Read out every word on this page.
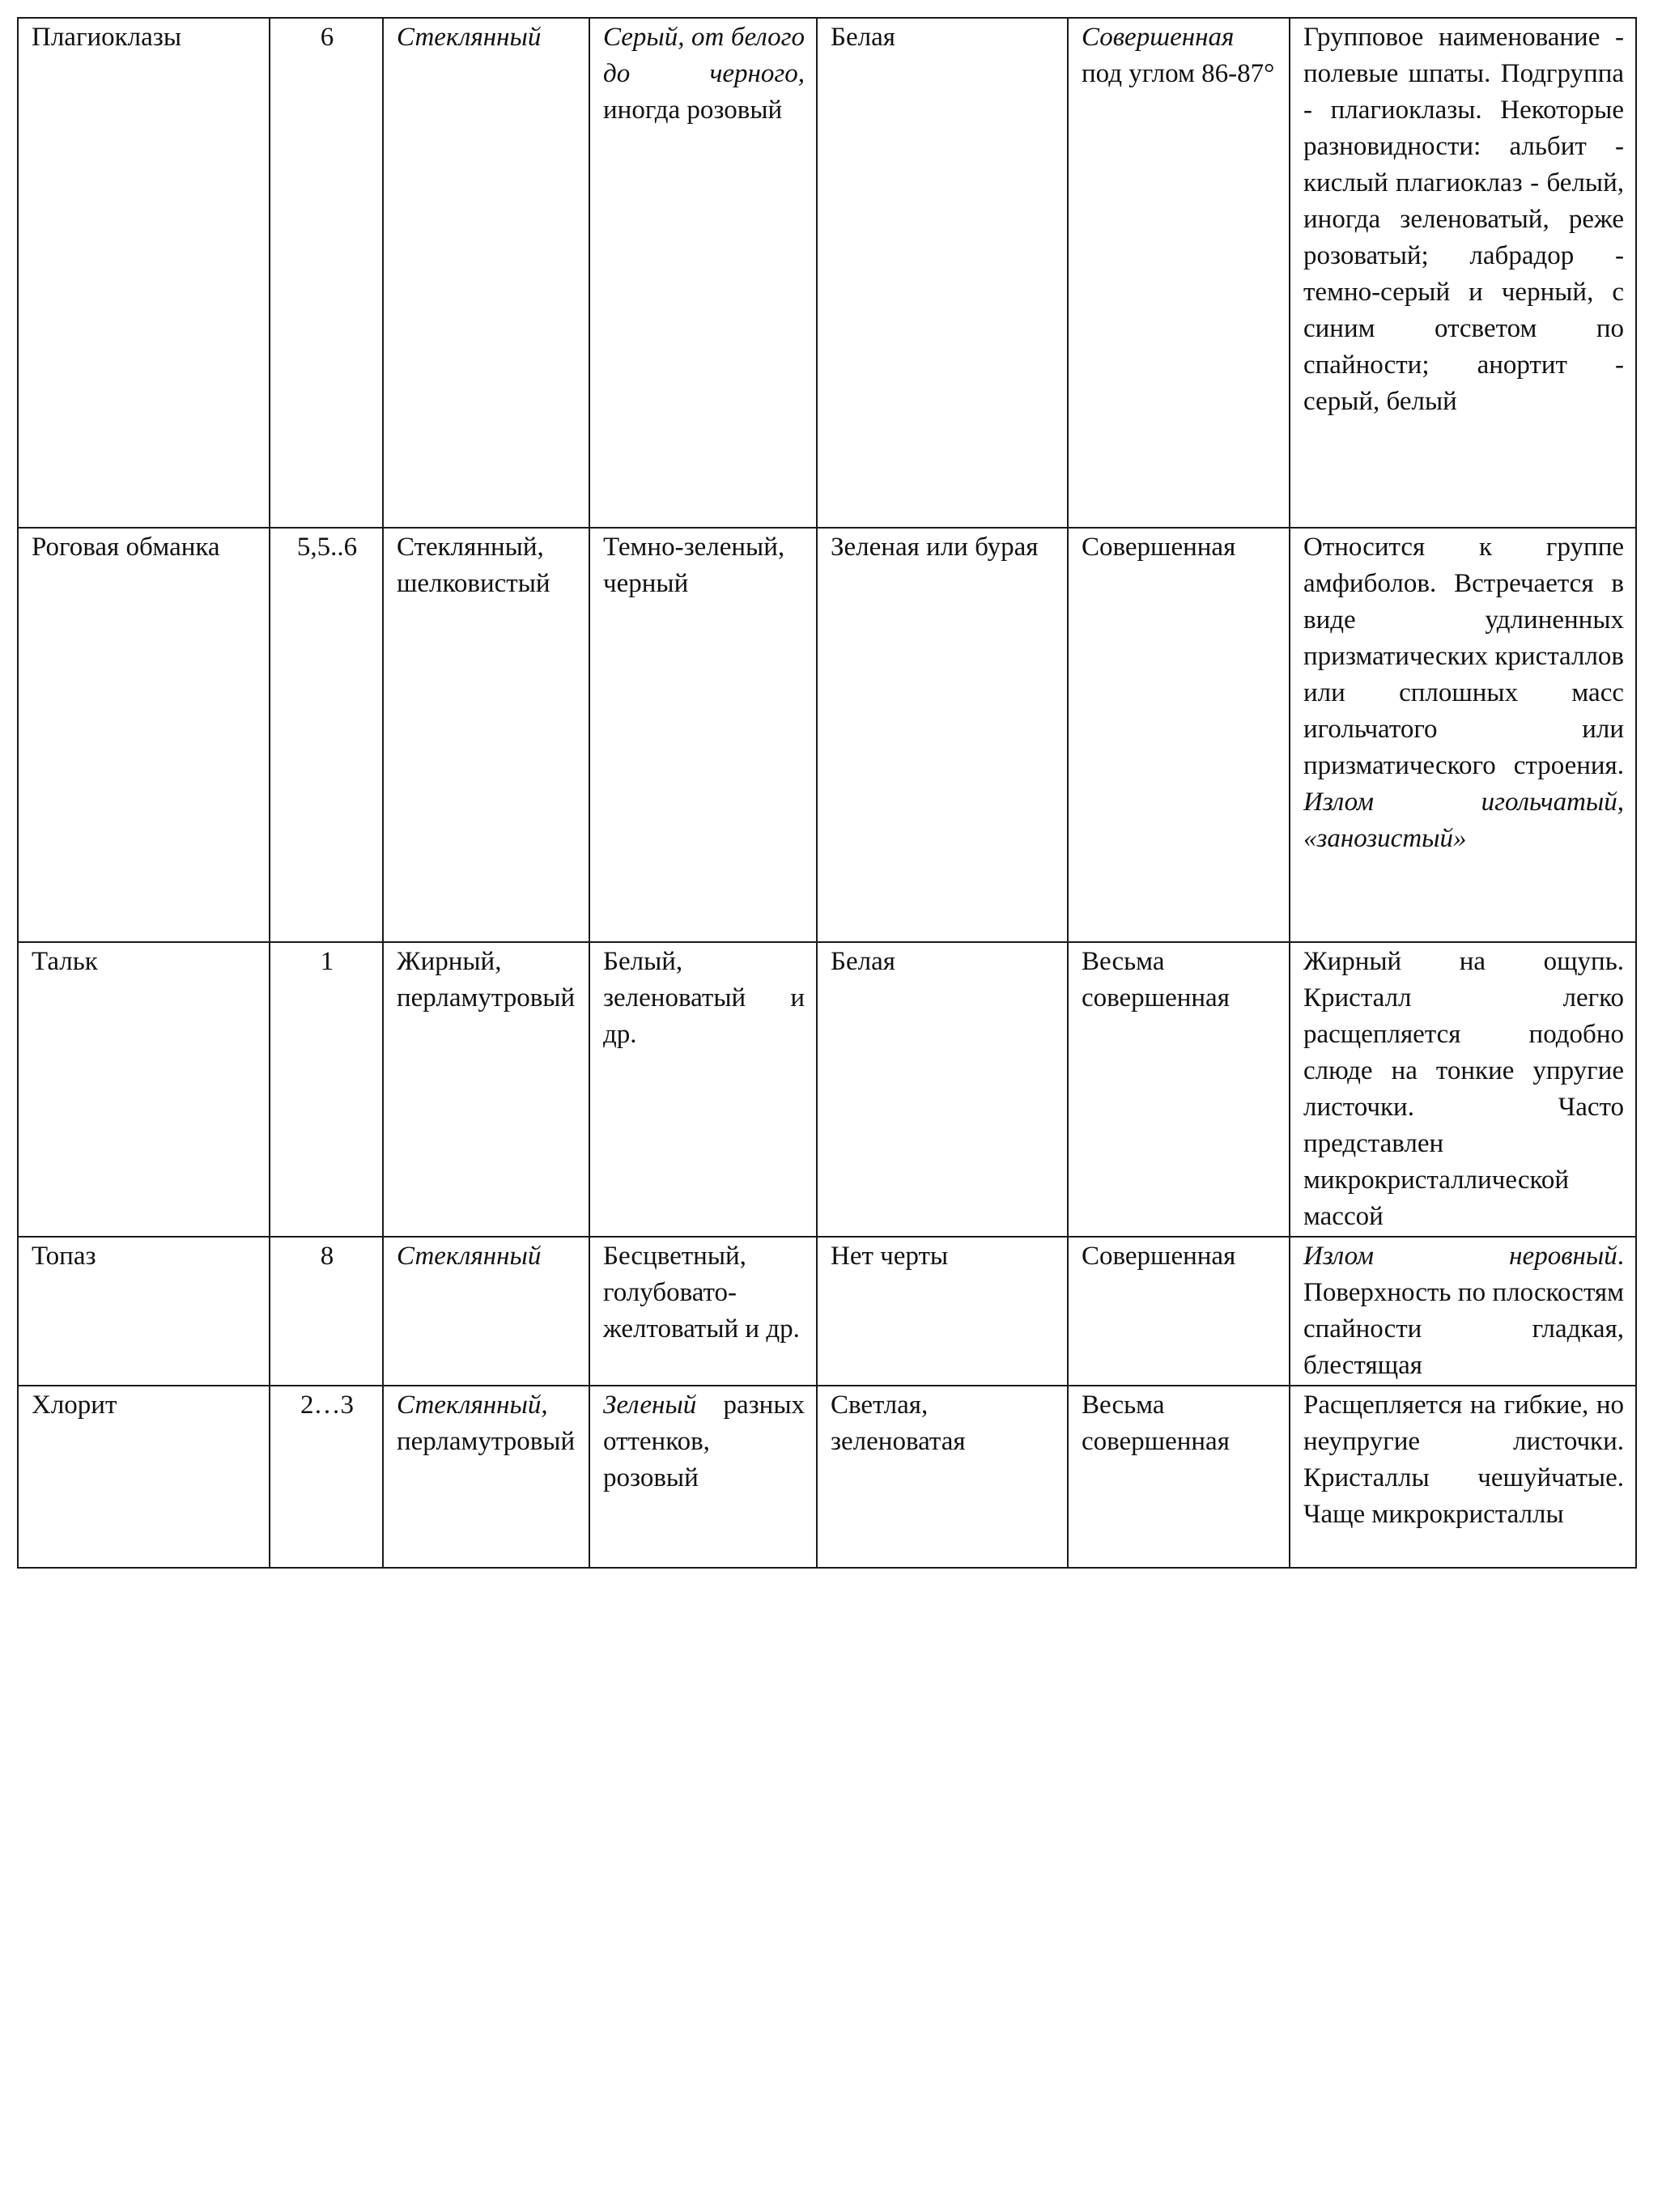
Плагиоклазы	6	Стеклянный	Серый, от белого до черного, иногда розовый	Белая	Совершенная под углом 86-87°	Групповое наименование - полевые шпаты. Подгруппа - плагиоклазы. Некоторые разновидности: альбит - кислый плагиоклаз - белый, иногда зеленоватый, реже розоватый; лабрадор - темно-серый и черный, с синим отсветом по спайности; анортит - серый, белый
Роговая обманка	5,5..6	Стеклянный, шелковистый	Темно-зеленый, черный	Зеленая или бурая	Совершенная	Относится к группе амфиболов. Встречается в виде удлиненных призматических кристаллов или сплошных масс игольчатого или призматического строения. Излом игольчатый, «занозистый»
Тальк	1	Жирный, перламутровый	Белый, зеленоватый и др.	Белая	Весьма совершенная	Жирный на ощупь. Кристалл легко расщепляется подобно слюде на тонкие упругие листочки. Часто представлен микрокристаллической массой
Топаз	8	Стеклянный	Бесцветный, голубовато-желтоватый и др.	Нет черты	Совершенная	Излом неровный. Поверхность по плоскостям спайности гладкая, блестящая
Хлорит	2…3	Стеклянный, перламутровый	Зеленый разных оттенков, розовый	Светлая, зеленоватая	Весьма совершенная	Расщепляется на гибкие, но неупругие листочки. Кристаллы чешуйчатые. Чаще микрокристаллы
